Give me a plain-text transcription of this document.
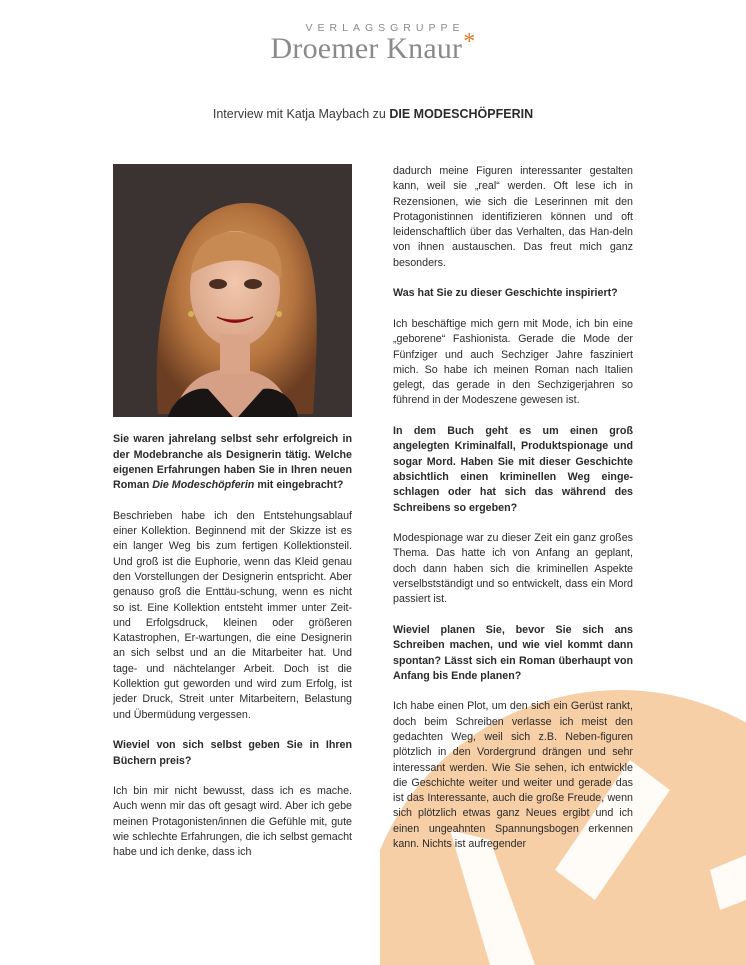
VERLAGSGRUPPE
Droemer Knaur*
Interview mit Katja Maybach zu DIE MODESCHÖPFERIN

Sie waren jahrelang selbst sehr erfolgreich in der Modebranche als Designerin tätig. Welche eigenen Erfahrungen haben Sie in Ihren neuen Roman Die Modeschöpferin mit eingebracht?

Beschrieben habe ich den Entstehungsablauf einer Kollektion. Beginnend mit der Skizze ist es ein langer Weg bis zum fertigen Kollektionsteil. Und groß ist die Euphorie, wenn das Kleid genau den Vorstellungen der Designerin entspricht. Aber genauso groß die Enttäu-schung, wenn es nicht so ist. Eine Kollektion entsteht immer unter Zeit- und Erfolgsdruck, kleinen oder größeren Katastrophen, Er-wartungen, die eine Designerin an sich selbst und an die Mitarbeiter hat. Und tage- und nächtelanger Arbeit. Doch ist die Kollektion gut geworden und wird zum Erfolg, ist jeder Druck, Streit unter Mitarbeitern, Belastung und Übermüdung vergessen.

Wieviel von sich selbst geben Sie in Ihren Büchern preis?

Ich bin mir nicht bewusst, dass ich es mache. Auch wenn mir das oft gesagt wird. Aber ich gebe meinen Protagonisten/innen die Gefühle mit, gute wie schlechte Erfahrungen, die ich selbst gemacht habe und ich denke, dass ich

dadurch meine Figuren interessanter gestalten kann, weil sie „real“ werden. Oft lese ich in Rezensionen, wie sich die Leserinnen mit den Protagonistinnen identifizieren können und oft leidenschaftlich über das Verhalten, das Han-deln von ihnen austauschen. Das freut mich ganz besonders.

Was hat Sie zu dieser Geschichte inspiriert?

Ich beschäftige mich gern mit Mode, ich bin eine „geborene“ Fashionista. Gerade die Mode der Fünfziger und auch Sechziger Jahre fasziniert mich. So habe ich meinen Roman nach Italien gelegt, das gerade in den Sechzigerjahren so führend in der Modeszene gewesen ist.

In dem Buch geht es um einen groß angelegten Kriminalfall, Produktspionage und sogar Mord. Haben Sie mit dieser Geschichte absichtlich einen kriminellen Weg einge-schlagen oder hat sich das während des Schreibens so ergeben?

Modespionage war zu dieser Zeit ein ganz großes Thema. Das hatte ich von Anfang an geplant, doch dann haben sich die kriminellen Aspekte verselbstständigt und so entwickelt, dass ein Mord passiert ist.

Wieviel planen Sie, bevor Sie sich ans Schreiben machen, und wie viel kommt dann spontan? Lässt sich ein Roman überhaupt von Anfang bis Ende planen?

Ich habe einen Plot, um den sich ein Gerüst rankt, doch beim Schreiben verlasse ich meist den gedachten Weg, weil sich z.B. Neben-figuren plötzlich in den Vordergrund drängen und sehr interessant werden. Wie Sie sehen, ich entwickle die Geschichte weiter und weiter und gerade das ist das Interessante, auch die große Freude, wenn sich plötzlich etwas ganz Neues ergibt und ich einen ungeahnten Spannungsbogen erkennen kann. Nichts ist aufregender
